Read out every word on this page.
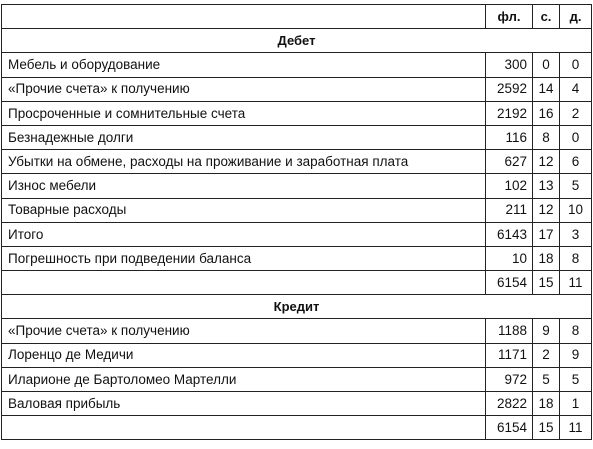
	фл.	с.	д.
Дебет			
Мебель и оборудование	300	0	0
«Прочие счета» к получению	2592	14	4
Просроченные и сомнительные счета	2192	16	2
Безнадежные долги	116	8	0
Убытки на обмене, расходы на проживание и заработная плата	627	12	6
Износ мебели	102	13	5
Товарные расходы	211	12	10
Итого	6143	17	3
Погрешность при подведении баланса	10	18	8
	6154	15	11
Кредит			
«Прочие счета» к получению	1188	9	8
Лоренцо де Медичи	1171	2	9
Иларионе де Бартоломео Мартелли	972	5	5
Валовая прибыль	2822	18	1
	6154	15	11
